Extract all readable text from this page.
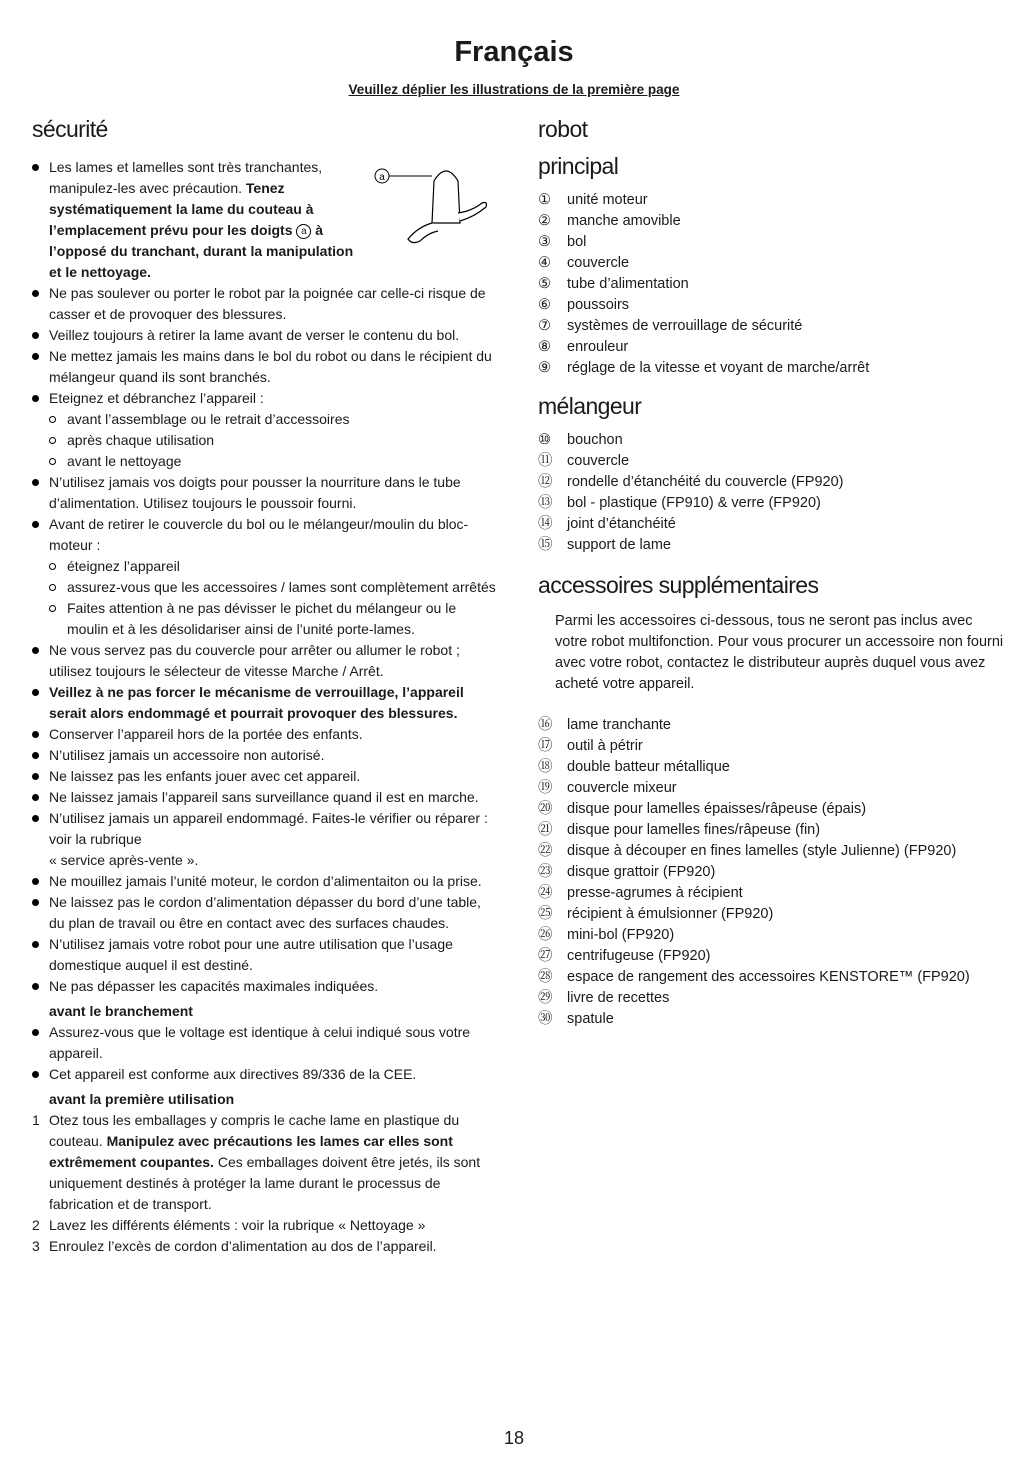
Français
Veuillez déplier les illustrations de la première page
sécurité
a
Les lames et lamelles sont très tranchantes, manipulez-les avec précaution. Tenez systématiquement la lame du couteau à l’emplacement prévu pour les doigts a à l’opposé du tranchant, durant la manipulation et le nettoyage.
Ne pas soulever ou porter le robot par la poignée car celle-ci risque de casser et de provoquer des blessures.
Veillez toujours à retirer la lame avant de verser le contenu du bol.
Ne mettez jamais les mains dans le bol du robot ou dans le récipient du mélangeur quand ils sont branchés.
Eteignez et débranchez l’appareil :
avant l’assemblage ou le retrait d’accessoires
après chaque utilisation
avant le nettoyage
N’utilisez jamais vos doigts pour pousser la nourriture dans le tube d’alimentation. Utilisez toujours le poussoir fourni.
Avant de retirer le couvercle du bol ou le mélangeur/moulin du bloc-moteur :
éteignez l’appareil
assurez-vous que les accessoires / lames sont complètement arrêtés
Faites attention à ne pas dévisser le pichet du mélangeur ou le moulin et à les désolidariser ainsi de l’unité porte-lames.
Ne vous servez pas du couvercle pour arrêter ou allumer le robot ; utilisez toujours le sélecteur de vitesse Marche / Arrêt.
Veillez à ne pas forcer le mécanisme de verrouillage, l’appareil serait alors endommagé et pourrait provoquer des blessures.
Conserver l’appareil hors de la portée des enfants.
N’utilisez jamais un accessoire non autorisé.
Ne laissez pas les enfants jouer avec cet appareil.
Ne laissez jamais l’appareil sans surveillance quand il est en marche.
N’utilisez jamais un appareil endommagé. Faites-le vérifier ou réparer : voir la rubrique
« service après-vente ».
Ne mouillez jamais l’unité moteur, le cordon d’alimentaiton ou la prise.
Ne laissez pas le cordon d’alimentation dépasser du bord d’une table, du plan de travail ou être en contact avec des surfaces chaudes.
N’utilisez jamais votre robot pour une autre utilisation que l’usage domestique auquel il est destiné.
Ne pas dépasser les capacités maximales indiquées.
avant le branchement
Assurez-vous que le voltage est identique à celui indiqué sous votre appareil.
Cet appareil est conforme aux directives 89/336 de la CEE.
avant la première utilisation
1 Otez tous les emballages y compris le cache lame en plastique du couteau. Manipulez avec précautions les lames car elles sont extrêmement coupantes. Ces emballages doivent être jetés, ils sont uniquement destinés à protéger la lame durant le processus de fabrication et de transport.
2 Lavez les différents éléments : voir la rubrique « Nettoyage »
3 Enroulez l’excès de cordon d’alimentation au dos de l’appareil.
robot
principal
①	unité moteur
②	manche amovible
③	bol
④	couvercle
⑤	tube d’alimentation
⑥	poussoirs
⑦	systèmes de verrouillage de sécurité
⑧	enrouleur
⑨	réglage de la vitesse et voyant de marche/arrêt
mélangeur
⑩	bouchon
⑪	couvercle
⑫	rondelle d’étanchéité du couvercle (FP920)
⑬	bol - plastique (FP910) & verre (FP920)
⑭	joint d’étanchéité
⑮	support de lame
accessoires supplémentaires
Parmi les accessoires ci-dessous, tous ne seront pas inclus avec votre robot multifonction. Pour vous procurer un accessoire non fourni avec votre robot, contactez le distributeur auprès duquel vous avez acheté votre appareil.
⑯	lame tranchante
⑰	outil à pétrir
⑱	double batteur métallique
⑲	couvercle mixeur
⑳	disque pour lamelles épaisses/râpeuse (épais)
㉑	disque pour lamelles fines/râpeuse (fin)
㉒	disque à découper en fines lamelles (style Julienne) (FP920)
㉓	disque grattoir (FP920)
㉔	presse-agrumes à récipient
㉕	récipient à émulsionner (FP920)
㉖	mini-bol (FP920)
㉗	centrifugeuse (FP920)
㉘	espace de rangement des accessoires KENSTORE™ (FP920)
㉙	livre de recettes
㉚	spatule
18
